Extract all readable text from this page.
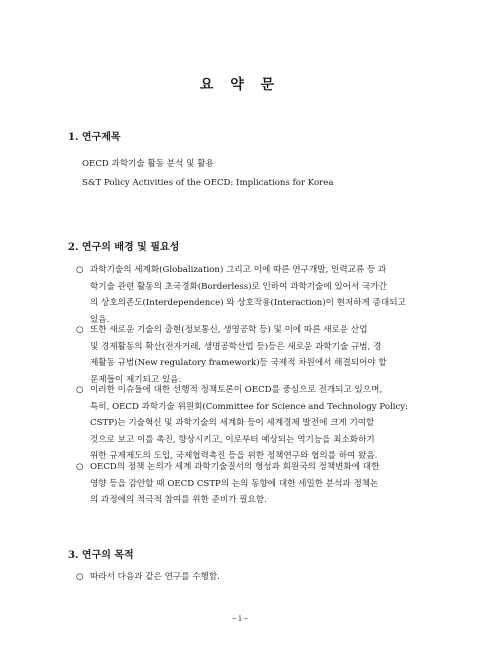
요 약 문
1. 연구제목
OECD 과학기술 활동 분석 및 활용
S&T Policy Activities of the OECD: Implications for Korea
2. 연구의 배경 및 필요성
○ 과학기술의 세계화(Globalization) 그리고 이에 따른 연구개발, 인력교류 등 과
학기술 관련 활동의 초국경화(Borderless)로 인하여 과학기술에 있어서 국가간
의 상호의존도(Interdependence) 와 상호작용(Interaction)이 현저하게 증대되고
있음.
○ 또한 새로운 기술의 출현(정보통신, 생명공학 등) 및 이에 따른 새로운 산업
및 경제활동의 확산(전자거래, 생명공학산업 등)등은 새로운 과학기술 규범, 경
제활동 규범(New regulatory framework)등 국제적 차원에서 해결되어야 할
문제들이 제기되고 있음.
○ 이러한 이슈들에 대한 선행적 정책토론이 OECD를 중심으로 전개되고 있으며,
특히, OECD 과학기술 위원회(Committee for Science and Technology Policy:
CSTP)는 기술혁신 및 과학기술의 세계화 등이 세계경제 발전에 크게 기여할
것으로 보고 이를 촉진, 향상시키고, 이로부터 예상되는 역기능을 최소화하기
위한 규제제도의 도입, 국제협력촉진 등을 위한 정책연구와 협의를 하여 왔음.
○ OECD의 정책 논의가 세계 과학기술질서의 형성과 회원국의 정책변화에 대한
영향 등을 감안할 때 OECD CSTP의 논의 동향에 대한 세밀한 분석과 정책논
의 과정에의 적극적 참여를 위한 준비가 필요함.
3. 연구의 목적
○ 따라서 다음과 같은 연구를 수행함.
– i –
